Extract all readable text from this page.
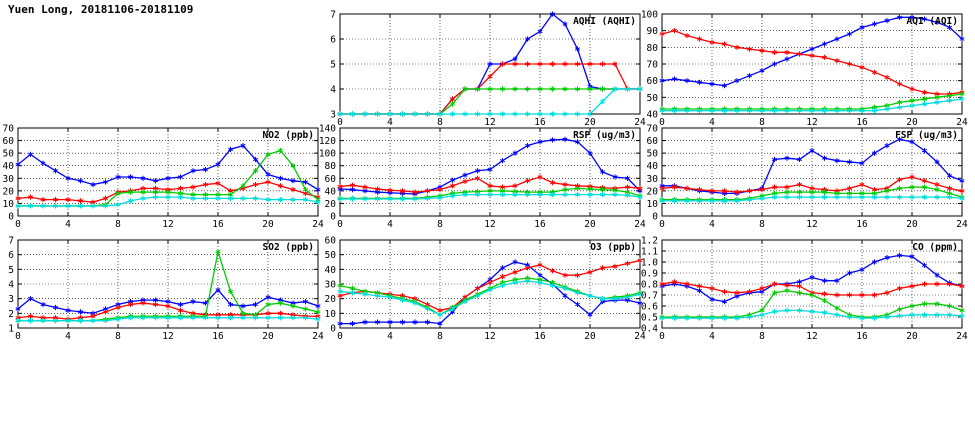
Yuen Long, 20181106-20181109
3
4
5
6
7
0	4	8	12	16	20	24
AQHI (AQHI)
40
50
60
70
80
90
100
0	4	8	12	16	20	24
AQI (AQI)
0
10
20
30
40
50
60
70
0	4	8	12	16	20	24
NO2 (ppb)
0
20
40
60
80
100
120
140
0	4	8	12	16	20	24
RSP (ug/m3)
0
10
20
30
40
50
60
70
0	4	8	12	16	20	24
FSP (ug/m3)
1
2
3
4
5
6
7
0	4	8	12	16	20	24
SO2 (ppb)
0
10
20
30
40
50
60
0	4	8	12	16	20	24
O3 (ppb)
0.4
0.5
0.6
0.7
0.8
0.9
1.0
1.1
1.2
0	4	8	12	16	20	24
CO (ppm)
